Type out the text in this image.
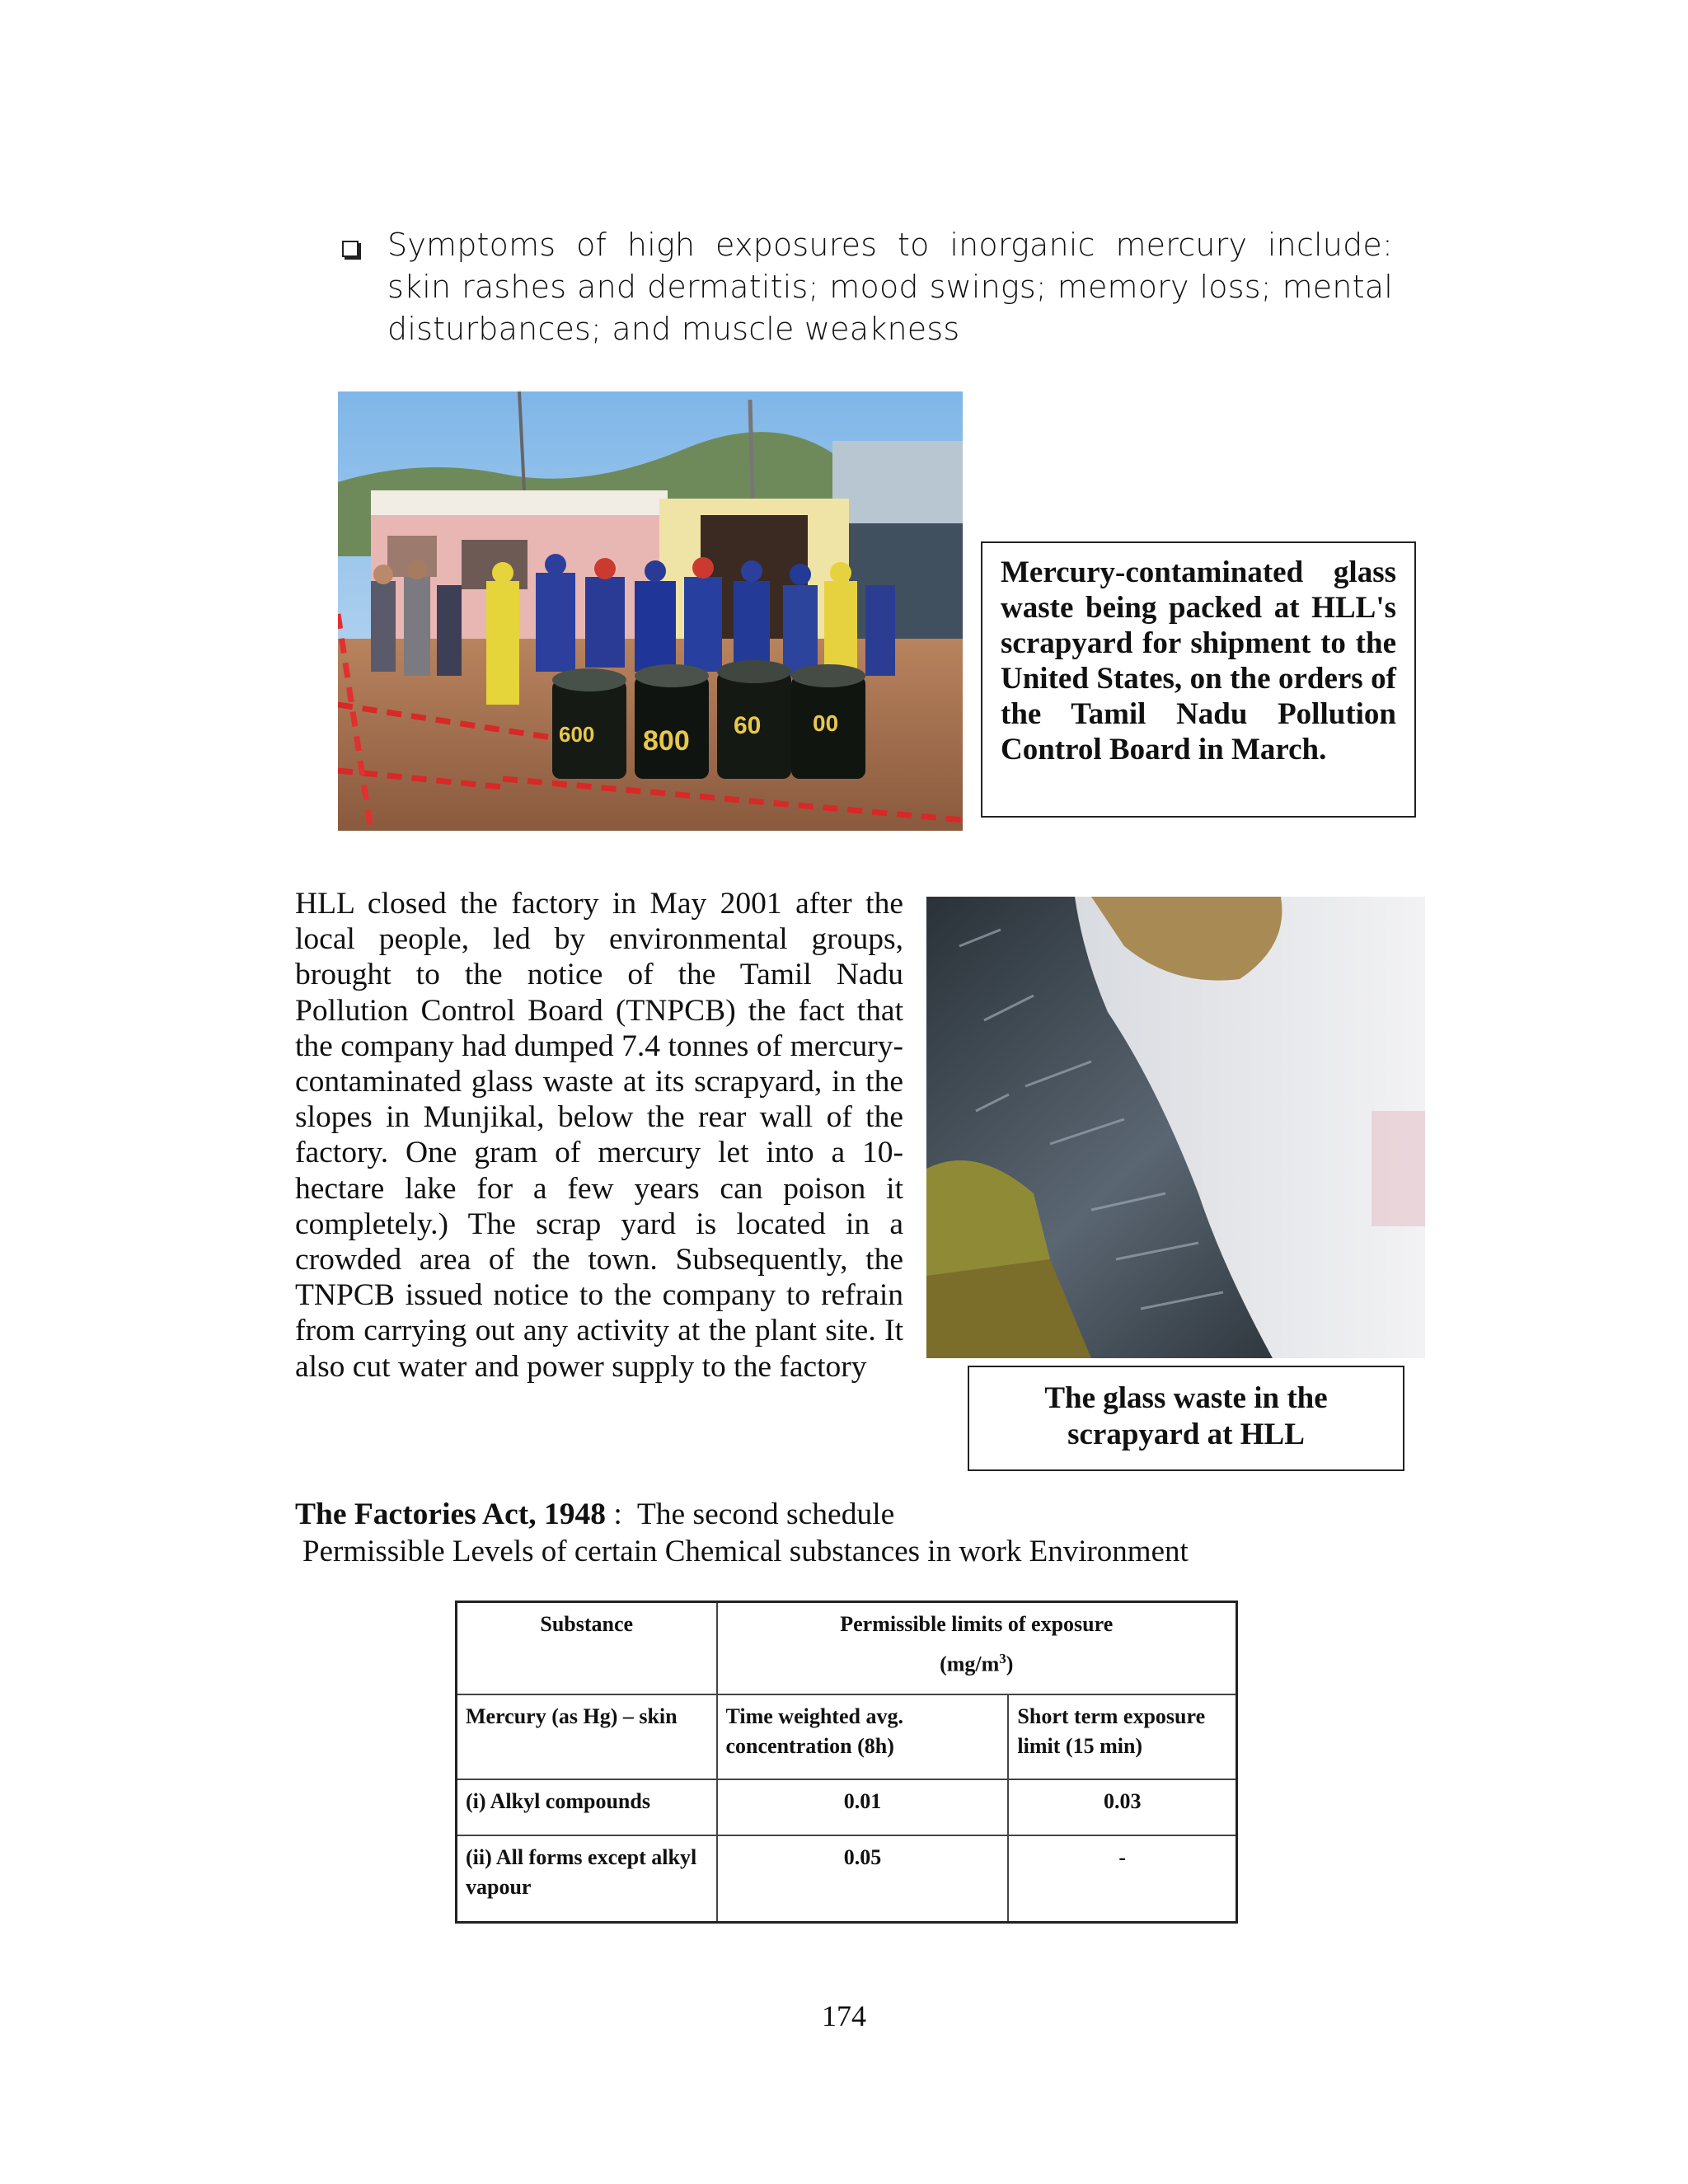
Symptoms of high exposures to inorganic mercury include: skin rashes and dermatitis; mood swings; memory loss; mental disturbances; and muscle weakness
600 800 60 00
Mercury-contaminated glass waste being packed at HLL's scrapyard for shipment to the United States, on the orders of the Tamil Nadu Pollution Control Board in March.
HLL closed the factory in May 2001 after the local people, led by environmental groups, brought to the notice of the Tamil Nadu Pollution Control Board (TNPCB) the fact that the company had dumped 7.4 tonnes of mercury-contaminated glass waste at its scrapyard, in the slopes in Munjikal, below the rear wall of the factory. One gram of mercury let into a 10-hectare lake for a few years can poison it completely.) The scrap yard is located in a crowded area of the town. Subsequently, the TNPCB issued notice to the company to refrain from carrying out any activity at the plant site. It also cut water and power supply to the factory
The glass waste in the scrapyard at HLL
The Factories Act, 1948 :  The second schedule
Permissible Levels of certain Chemical substances in work Environment
Substance	Permissible limits of exposure
$(mg/m^3)$	

Mercury (as Hg) – skin	Time weighted avg. concentration (8h)	Short term exposure limit (15 min)
(i) Alkyl compounds	0.01	0.03
(ii) All forms except alkyl vapour	0.05	-
174
